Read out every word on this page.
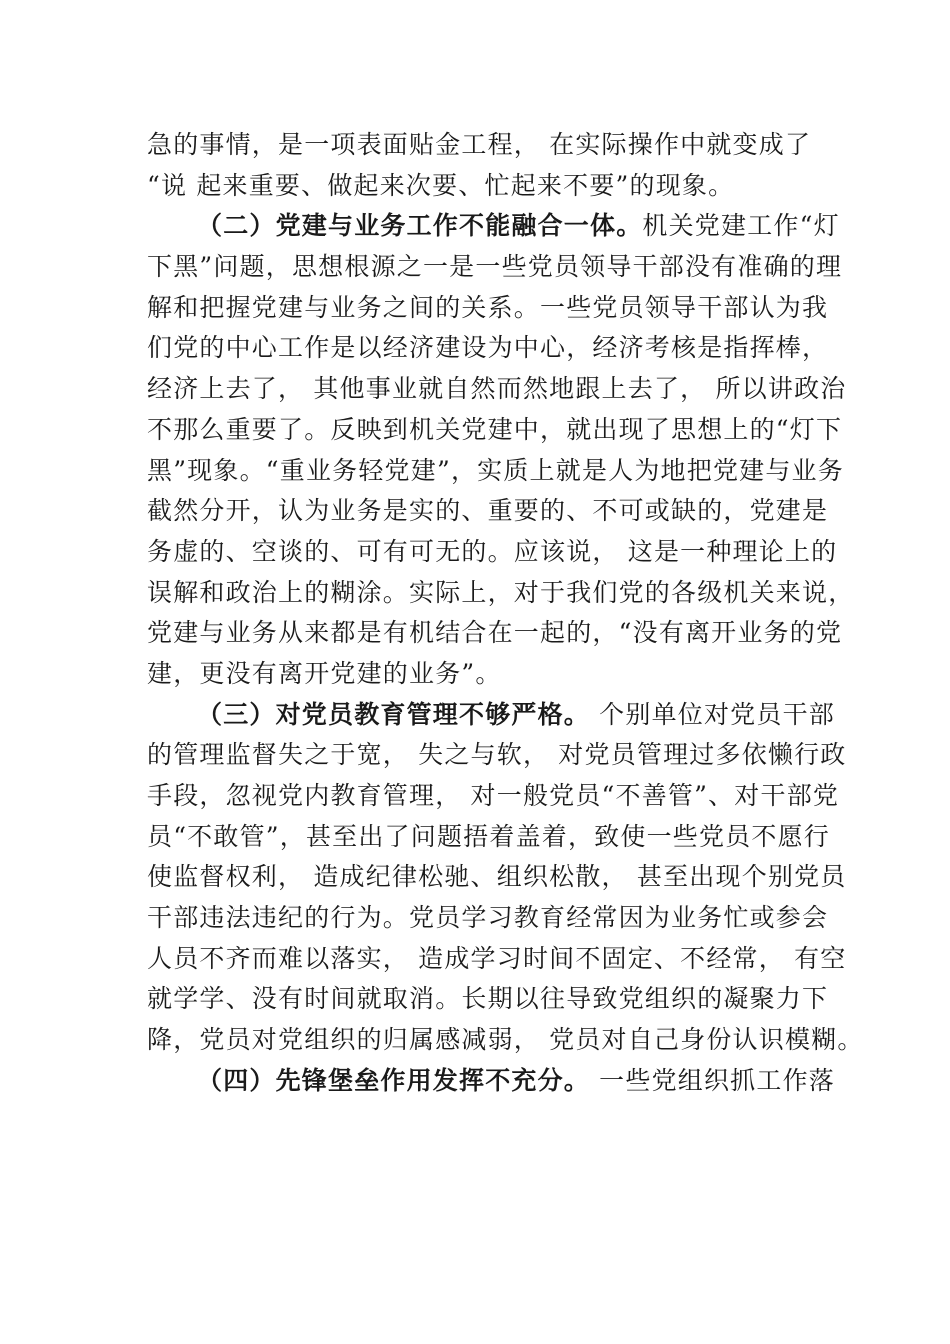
急的事情，是一项表面贴金工程， 在实际操作中就变成了
“说 起来重要、做起来次要、忙起来不要”的现象。
（二）党建与业务工作不能融合一体。机关党建工作“灯
下黑”问题，思想根源之一是一些党员领导干部没有准确的理
解和把握党建与业务之间的关系。一些党员领导干部认为我
们党的中心工作是以经济建设为中心，经济考核是指挥棒，
经济上去了， 其他事业就自然而然地跟上去了， 所以讲政治
不那么重要了。反映到机关党建中，就出现了思想上的“灯下
黑”现象。“重业务轻党建”，实质上就是人为地把党建与业务
截然分开，认为业务是实的、重要的、不可或缺的，党建是
务虚的、空谈的、可有可无的。应该说， 这是一种理论上的
误解和政治上的糊涂。实际上，对于我们党的各级机关来说，
党建与业务从来都是有机结合在一起的，“没有离开业务的党
建，更没有离开党建的业务”。
（三）对党员教育管理不够严格。 个别单位对党员干部
的管理监督失之于宽， 失之与软， 对党员管理过多依懒行政
手段，忽视党内教育管理， 对一般党员“不善管”、对干部党
员“不敢管”，甚至出了问题捂着盖着，致使一些党员不愿行
使监督权利， 造成纪律松驰、组织松散， 甚至出现个别党员
干部违法违纪的行为。党员学习教育经常因为业务忙或参会
人员不齐而难以落实， 造成学习时间不固定、不经常， 有空
就学学、没有时间就取消。长期以往导致党组织的凝聚力下
降，党员对党组织的归属感减弱， 党员对自己身份认识模糊。
（四）先锋堡垒作用发挥不充分。 一些党组织抓工作落
